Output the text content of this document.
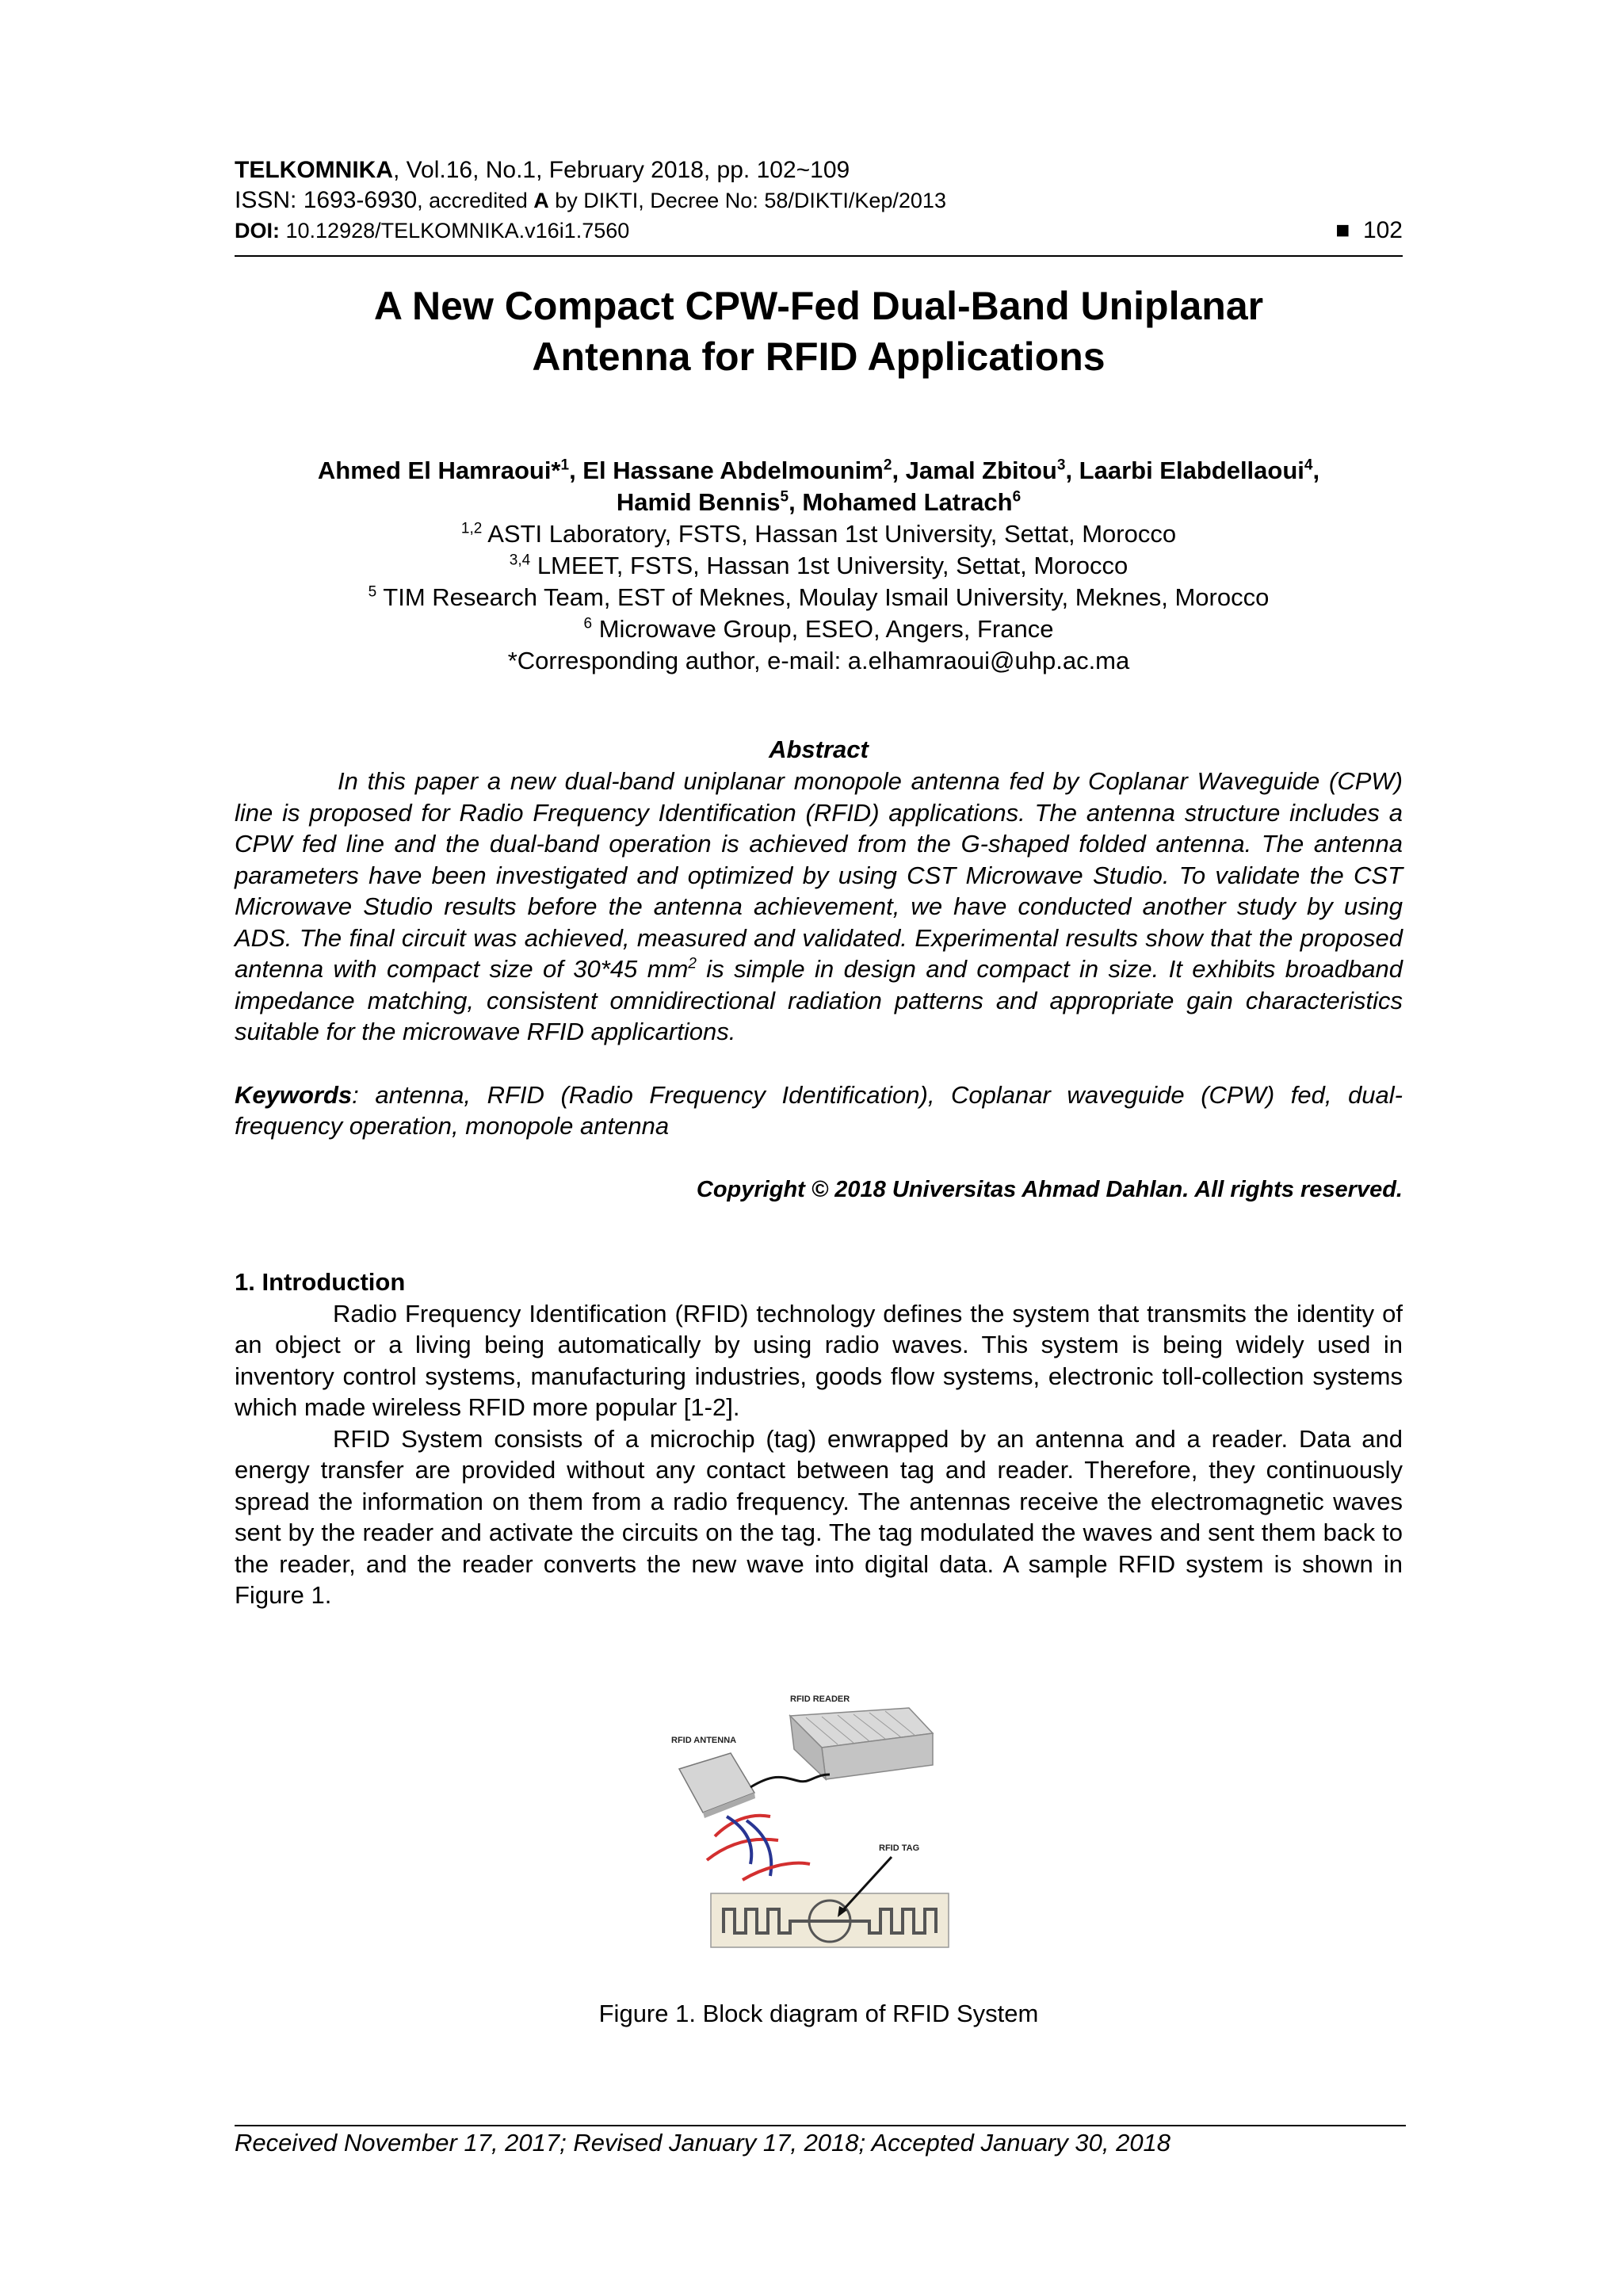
TELKOMNIKA, Vol.16, No.1, February 2018, pp. 102~109
ISSN: 1693-6930, accredited A by DIKTI, Decree No: 58/DIKTI/Kep/2013
DOI: 10.12928/TELKOMNIKA.v16i1.7560	■ 102
A New Compact CPW-Fed Dual-Band Uniplanar
Antenna for RFID Applications
Ahmed El Hamraoui*$^1$, El Hassane Abdelmounim$^2$, Jamal Zbitou$^3$, Laarbi Elabdellaoui$^4$,
Hamid Bennis$^5$, Mohamed Latrach$^6$
$^{1,2}$ ASTI Laboratory, FSTS, Hassan 1st University, Settat, Morocco
$^{3,4}$ LMEET, FSTS, Hassan 1st University, Settat, Morocco
$^5$ TIM Research Team, EST of Meknes, Moulay Ismail University, Meknes, Morocco
$^6$ Microwave Group, ESEO, Angers, France
*Corresponding author, e-mail: a.elhamraoui@uhp.ac.ma
Abstract

In this paper a new dual-band uniplanar monopole antenna fed by Coplanar Waveguide (CPW) line is proposed for Radio Frequency Identification (RFID) applications. The antenna structure includes a CPW fed line and the dual-band operation is achieved from the G-shaped folded antenna. The antenna parameters have been investigated and optimized by using CST Microwave Studio. To validate the CST Microwave Studio results before the antenna achievement, we have conducted another study by using ADS. The final circuit was achieved, measured and validated. Experimental results show that the proposed antenna with compact size of 30*45 $mm^2$ is simple in design and compact in size. It exhibits broadband impedance matching, consistent omnidirectional radiation patterns and appropriate gain characteristics suitable for the microwave RFID applicartions.

Keywords: antenna, RFID (Radio Frequency Identification), Coplanar waveguide (CPW) fed, dual-frequency operation, monopole antenna
Copyright © 2018 Universitas Ahmad Dahlan. All rights reserved.
1. Introduction

Radio Frequency Identification (RFID) technology defines the system that transmits the identity of an object or a living being automatically by using radio waves. This system is being widely used in inventory control systems, manufacturing industries, goods flow systems, electronic toll-collection systems which made wireless RFID more popular [1-2].

RFID System consists of a microchip (tag) enwrapped by an antenna and a reader. Data and energy transfer are provided without any contact between tag and reader. Therefore, they continuously spread the information on them from a radio frequency. The antennas receive the electromagnetic waves sent by the reader and activate the circuits on the tag. The tag modulated the waves and sent them back to the reader, and the reader converts the new wave into digital data. A sample RFID system is shown in Figure 1.

RFID READER
RFID ANTENNA
RFID TAG
Figure 1. Block diagram of RFID System
Received November 17, 2017; Revised January 17, 2018; Accepted January 30, 2018
